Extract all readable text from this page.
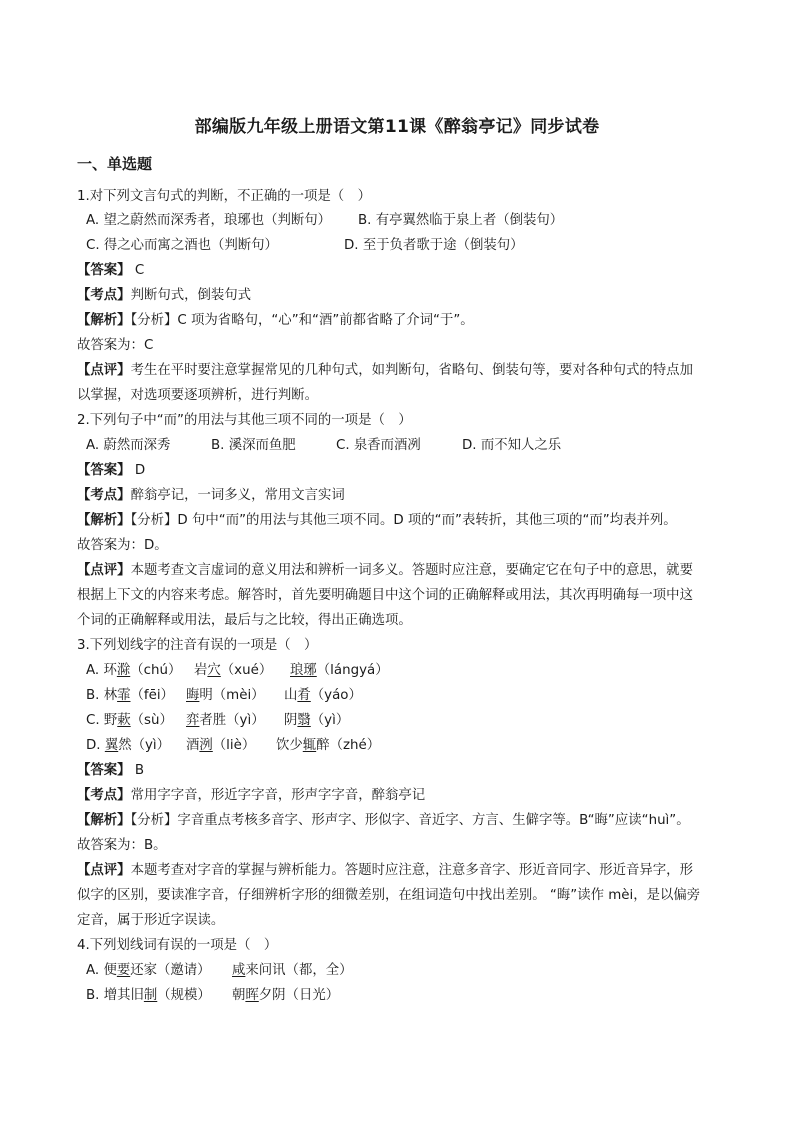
部编版九年级上册语文第11课《醉翁亭记》同步试卷
一、单选题
1.对下列文言句式的判断，不正确的一项是（　）
A. 望之蔚然而深秀者，琅琊也（判断句） B. 有亭翼然临于泉上者（倒装句）
C. 得之心而寓之酒也（判断句）	D. 至于负者歌于途（倒装句）
【答案】 C
【考点】判断句式，倒装句式
【解析】【分析】C 项为省略句，“心”和“酒”前都省略了介词“于”。
故答案为：C
【点评】考生在平时要注意掌握常见的几种句式，如判断句，省略句、倒装句等，要对各种句式的特点加
以掌握，对选项要逐项辨析，进行判断。
2.下列句子中“而”的用法与其他三项不同的一项是（　）
A. 蔚然而深秀	B. 溪深而鱼肥	C. 泉香而酒冽	D. 而不知人之乐
【答案】 D
【考点】醉翁亭记，一词多义，常用文言实词
【解析】【分析】D 句中“而”的用法与其他三项不同。D 项的“而”表转折，其他三项的“而”均表并列。
故答案为：D。
【点评】本题考查文言虚词的意义用法和辨析一词多义。答题时应注意，要确定它在句子中的意思，就要
根据上下文的内容来考虑。解答时，首先要明确题目中这个词的正确解释或用法，其次再明确每一项中这
个词的正确解释或用法，最后与之比较，得出正确选项。
3.下列划线字的注音有误的一项是（　）
A. 环滁（chú） 岩穴（xué） 琅琊（lángyá）
B. 林霏（fēi） 晦明（mèi） 山肴（yáo）
C. 野蔌（sù） 弈者胜（yì） 阴翳（yì）
D. 翼然（yì） 酒洌（liè） 饮少辄醉（zhé）
【答案】 B
【考点】常用字字音，形近字字音，形声字字音，醉翁亭记
【解析】【分析】字音重点考核多音字、形声字、形似字、音近字、方言、生僻字等。B“晦”应读“huì”。
故答案为：B。
【点评】本题考查对字音的掌握与辨析能力。答题时应注意，注意多音字、形近音同字、形近音异字，形
似字的区别，要读准字音，仔细辨析字形的细微差别，在组词造句中找出差别。 “晦”读作 mèi，是以偏旁
定音，属于形近字误读。
4.下列划线词有误的一项是（　）
A. 便要还家（邀请） 咸来问讯（都，全）
B. 增其旧制（规模） 朝晖夕阴（日光）
